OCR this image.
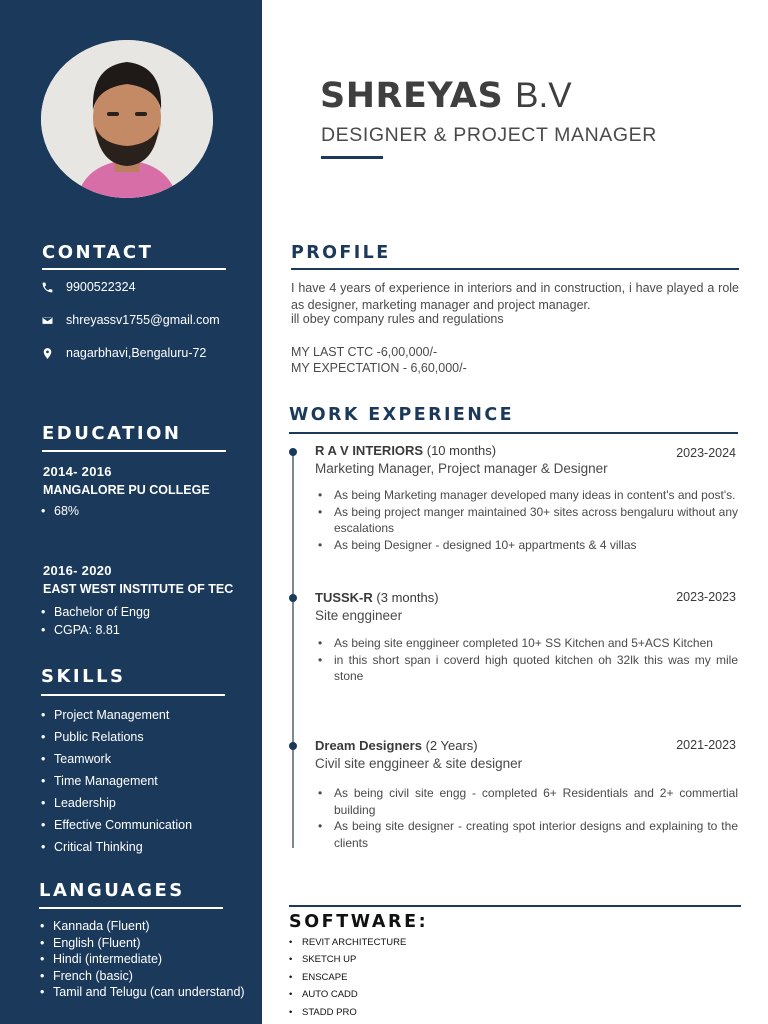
CONTACT
9900522324
shreyassv1755@gmail.com
nagarbhavi,Bengaluru-72
EDUCATION
2014- 2016
MANGALORE PU COLLEGE
• 68%
2016- 2020
EAST WEST INSTITUTE OF TEC
• Bachelor of Engg
• CGPA: 8.81
SKILLS
• Project Management
• Public Relations
• Teamwork
• Time Management
• Leadership
• Effective Communication
• Critical Thinking
LANGUAGES
• Kannada (Fluent)
• English (Fluent)
• Hindi (intermediate)
• French (basic)
• Tamil and Telugu (can understand)
SHREYAS B.V
DESIGNER & PROJECT MANAGER
PROFILE
I have 4 years of experience in interiors and in construction, i have played a role as designer, marketing manager and project manager.
ill obey company rules and regulations
MY LAST CTC -6,00,000/-
MY EXPECTATION - 6,60,000/-
WORK EXPERIENCE
R A V INTERIORS (10 months)	2023-2024
Marketing Manager, Project manager & Designer
• As being Marketing manager developed many ideas in content's and post's.
• As being project manger maintained 30+ sites across bengaluru without any escalations
• As being Designer - designed 10+ appartments & 4 villas
TUSSK-R (3 months)	2023-2023
Site enggineer
• As being site enggineer completed 10+ SS Kitchen and 5+ACS Kitchen
• in this short span i coverd high quoted kitchen oh 32lk this was my mile stone
Dream Designers (2 Years)	2021-2023
Civil site enggineer & site designer
• As being civil site engg - completed 6+ Residentials and 2+ commertial building
• As being site designer - creating spot interior designs and explaining to the clients
SOFTWARE:
• REVIT ARCHITECTURE
• SKETCH UP
• ENSCAPE
• AUTO CADD
• STADD PRO
